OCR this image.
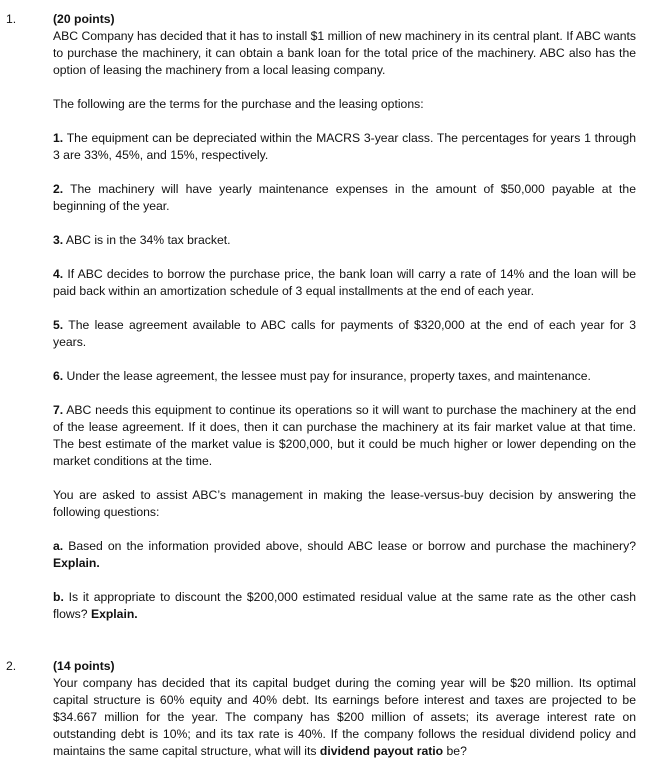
1.	(20 points)

ABC Company has decided that it has to install $1 million of new machinery in its central plant. If ABC wants to purchase the machinery, it can obtain a bank loan for the total price of the machinery. ABC also has the option of leasing the machinery from a local leasing company.

The following are the terms for the purchase and the leasing options:

1. The equipment can be depreciated within the MACRS 3-year class. The percentages for years 1 through 3 are 33%, 45%, and 15%, respectively.

2. The machinery will have yearly maintenance expenses in the amount of $50,000 payable at the beginning of the year.

3. ABC is in the 34% tax bracket.

4. If ABC decides to borrow the purchase price, the bank loan will carry a rate of 14% and the loan will be paid back within an amortization schedule of 3 equal installments at the end of each year.

5. The lease agreement available to ABC calls for payments of $320,000 at the end of each year for 3 years.

6. Under the lease agreement, the lessee must pay for insurance, property taxes, and maintenance.

7. ABC needs this equipment to continue its operations so it will want to purchase the machinery at the end of the lease agreement. If it does, then it can purchase the machinery at its fair market value at that time. The best estimate of the market value is $200,000, but it could be much higher or lower depending on the market conditions at the time.

You are asked to assist ABC’s management in making the lease-versus-buy decision by answering the following questions:

a. Based on the information provided above, should ABC lease or borrow and purchase the machinery? Explain.

b. Is it appropriate to discount the $200,000 estimated residual value at the same rate as the other cash flows? Explain.

2.	(14 points)

Your company has decided that its capital budget during the coming year will be $20 million. Its optimal capital structure is 60% equity and 40% debt. Its earnings before interest and taxes are projected to be $34.667 million for the year. The company has $200 million of assets; its average interest rate on outstanding debt is 10%; and its tax rate is 40%. If the company follows the residual dividend policy and maintains the same capital structure, what will its dividend payout ratio be?
